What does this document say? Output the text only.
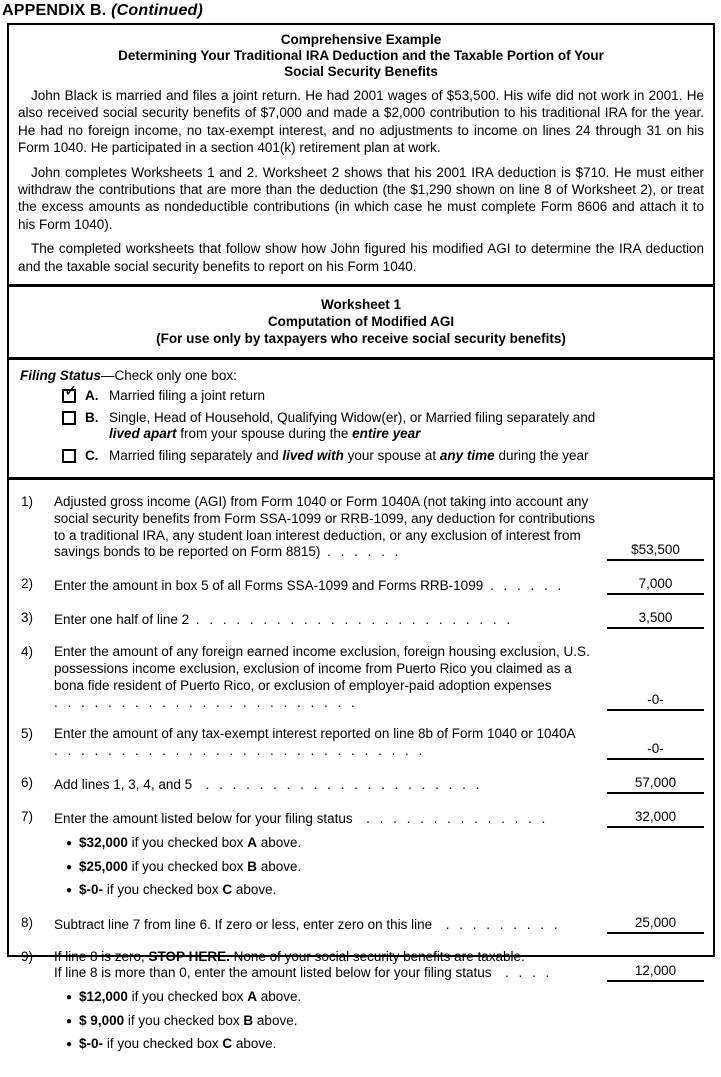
APPENDIX B. (Continued)
Comprehensive Example
Determining Your Traditional IRA Deduction and the Taxable Portion of Your
Social Security Benefits

John Black is married and files a joint return. He had 2001 wages of $53,500. His wife did not work in 2001. He also received social security benefits of $7,000 and made a $2,000 contribution to his traditional IRA for the year. He had no foreign income, no tax-exempt interest, and no adjustments to income on lines 24 through 31 on his Form 1040. He participated in a section 401(k) retirement plan at work.

John completes Worksheets 1 and 2. Worksheet 2 shows that his 2001 IRA deduction is $710. He must either withdraw the contributions that are more than the deduction (the $1,290 shown on line 8 of Worksheet 2), or treat the excess amounts as nondeductible contributions (in which case he must complete Form 8606 and attach it to his Form 1040).

The completed worksheets that follow show how John figured his modified AGI to determine the IRA deduction and the taxable social security benefits to report on his Form 1040.

Worksheet 1
Computation of Modified AGI
(For use only by taxpayers who receive social security benefits)
Filing Status—Check only one box:
✓ A. Married filing a joint return
B. Single, Head of Household, Qualifying Widow(er), or Married filing separately and
lived apart from your spouse during the entire year
C. Married filing separately and lived with your spouse at any time during the year
1)	Adjusted gross income (AGI) from Form 1040 or Form 1040A (not taking into account any social security benefits from Form SSA-1099 or RRB-1099, any deduction for contributions to a traditional IRA, any student loan interest deduction, or any exclusion of interest from savings bonds to be reported on Form 8815) . . . . . .	$53,500
2)	Enter the amount in box 5 of all Forms SSA-1099 and Forms RRB-1099 . . . . . .	7,000
3)	Enter one half of line 2 . . . . . . . . . . . . . . . . . . . . . . . .	3,500
4)	Enter the amount of any foreign earned income exclusion, foreign housing exclusion, U.S. possessions income exclusion, exclusion of income from Puerto Rico you claimed as a bona fide resident of Puerto Rico, or exclusion of employer-paid adoption expenses . . . . . . . . . . . . . . . . . . . . . . .	-0-
5)	Enter the amount of any tax-exempt interest reported on line 8b of Form 1040 or 1040A . . . . . . . . . . . . . . . . . . . . . . . . . . . .	-0-
6)	Add lines 1, 3, 4, and 5  . . . . . . . . . . . . . . . . . . . . .	57,000
7)	Enter the amount listed below for your filing status  . . . . . . . . . . . . . .	32,000
● $32,000 if you checked box A above.
● $25,000 if you checked box B above.
● $-0- if you checked box C above.
8)	Subtract line 7 from line 6. If zero or less, enter zero on this line  . . . . . . . . .	25,000
9)	If line 8 is zero, STOP HERE. None of your social security benefits are taxable.
If line 8 is more than 0, enter the amount listed below for your filing status  . . . .	12,000
● $12,000 if you checked box A above.
● $ 9,000 if you checked box B above.
● $-0- if you checked box C above.
